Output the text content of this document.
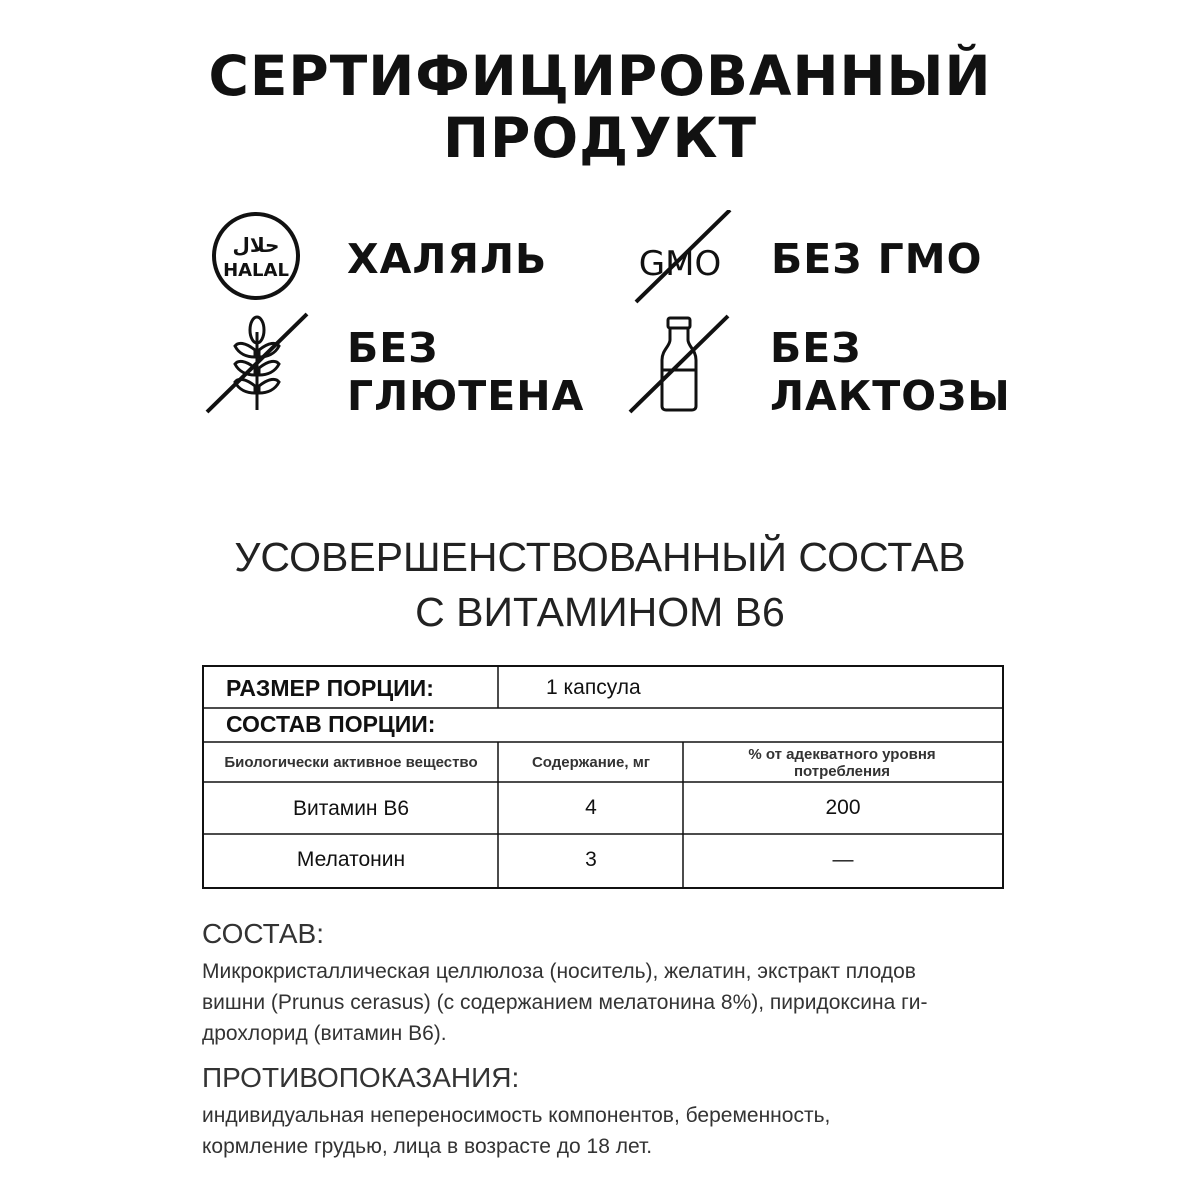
СЕРТИФИЦИРОВАННЫЙ
ПРОДУКТ
حلال
HALAL ХАЛЯЛЬ	GMO БЕЗ ГМО
БЕЗ
ГЛЮТЕНА
БЕЗ
ЛАКТОЗЫ
УСОВЕРШЕНСТВОВАННЫЙ СОСТАВ
С ВИТАМИНОМ В6
РАЗМЕР ПОРЦИИ:	1 капсула
СОСТАВ ПОРЦИИ:
Биологически активное вещество	Содержание, мг	% от адекватного уровня потребления
Витамин В6	4	200
Мелатонин	3	—
СОСТАВ:
Микрокристаллическая целлюлоза (носитель), желатин, экстракт плодов
вишни (Prunus cerasus) (с содержанием мелатонина 8%), пиридоксина ги-
дрохлорид (витамин В6).
ПРОТИВОПОКАЗАНИЯ:
индивидуальная непереносимость компонентов, беременность,
кормление грудью, лица в возрасте до 18 лет.
